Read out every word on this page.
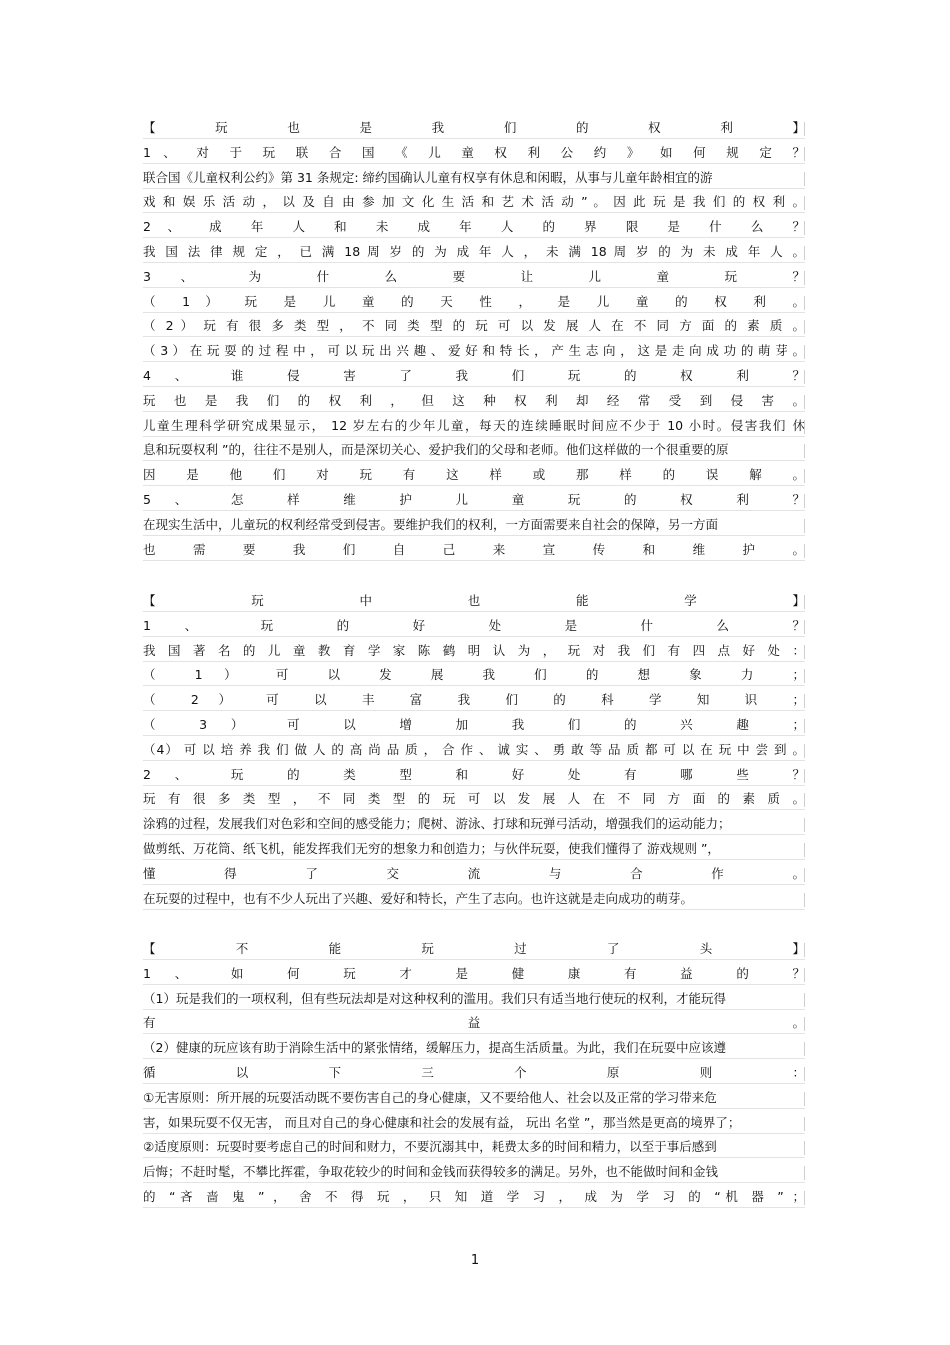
【 玩 也 是 我 们 的 权 利 】
1 、 对 于 玩 联 合 国 《 儿 童 权 利 公 约 》 如 何 规 定 ？
联合国《儿童权利公约》第 31 条规定: 缔约国确认儿童有权享有休息和闲暇，从事与儿童年龄相宜的游
戏 和 娱 乐 活 动 ， 以 及 自 由 参 加 文 化 生 活 和 艺 术 活 动 ” 。 因 此 玩 是 我 们 的 权 利 。
2 、 成 年 人 和 未 成 年 人 的 界 限 是 什 么 ？
我 国 法 律 规 定 ， 已 满 18 周 岁 的 为 成 年 人 ， 未 满 18 周 岁 的 为 未 成 年 人 。
3 、 为 什 么 要 让 儿 童 玩 ？
（ 1 ） 玩 是 儿 童 的 天 性 ， 是 儿 童 的 权 利 。
（ 2 ） 玩 有 很 多 类 型 ， 不 同 类 型 的 玩 可 以 发 展 人 在 不 同 方 面 的 素 质 。
（ 3 ） 在 玩 耍 的 过 程 中 ， 可 以 玩 出 兴 趣 、 爱 好 和 特 长 ， 产 生 志 向 ， 这 是 走 向 成 功 的 萌 芽 。
4 、 谁 侵 害 了 我 们 玩 的 权 利 ？
玩 也 是 我 们 的 权 利 ， 但 这 种 权 利 却 经 常 受 到 侵 害 。
儿童生理科学研究成果显示， 12 岁左右的少年儿童，每天的连续睡眠时间应不少于 10 小时。侵害我们 休
息和玩耍权利 ”的，往往不是别人，而是深切关心、爱护我们的父母和老师。他们这样做的一个很重要的原
因 是 他 们 对 玩 有 这 样 或 那 样 的 误 解 。
5 、 怎 样 维 护 儿 童 玩 的 权 利 ？
在现实生活中，儿童玩的权利经常受到侵害。要维护我们的权利，一方面需要来自社会的保障，另一方面
也 需 要 我 们 自 己 来 宣 传 和 维 护 。
【 玩 中 也 能 学 】
1 、 玩 的 好 处 是 什 么 ？
我 国 著 名 的 儿 童 教 育 学 家 陈 鹤 明 认 为 ， 玩 对 我 们 有 四 点 好 处 ：
（ 1 ） 可 以 发 展 我 们 的 想 象 力 ；
（ 2 ） 可 以 丰 富 我 们 的 科 学 知 识 ；
（ 3 ） 可 以 增 加 我 们 的 兴 趣 ；
（4） 可 以 培 养 我 们 做 人 的 高 尚 品 质 ， 合 作 、 诚 实 、 勇 敢 等 品 质 都 可 以 在 玩 中 尝 到 。
2 、 玩 的 类 型 和 好 处 有 哪 些 ？
玩 有 很 多 类 型 ， 不 同 类 型 的 玩 可 以 发 展 人 在 不 同 方 面 的 素 质 。
涂鸦的过程，发展我们对色彩和空间的感受能力；爬树、游泳、打球和玩弹弓活动，增强我们的运动能力；
做剪纸、万花筒、纸飞机，能发挥我们无穷的想象力和创造力；与伙伴玩耍，使我们懂得了 游戏规则 ”，
懂 得 了 交 流 与 合 作 。
在玩耍的过程中，也有不少人玩出了兴趣、爱好和特长，产生了志向。也许这就是走向成功的萌芽。
【 不 能 玩 过 了 头 】
1 、 如 何 玩 才 是 健 康 有 益 的 ？
（1）玩是我们的一项权利，但有些玩法却是对这种权利的滥用。我们只有适当地行使玩的权利，才能玩得
有 益 。
（2）健康的玩应该有助于消除生活中的紧张情绪，缓解压力，提高生活质量。为此，我们在玩耍中应该遵
循 以 下 三 个 原 则 ：
①无害原则：所开展的玩耍活动既不要伤害自己的身心健康，又不要给他人、社会以及正常的学习带来危
害，如果玩耍不仅无害， 而且对自己的身心健康和社会的发展有益， 玩出 名堂 ”，那当然是更高的境界了；
②适度原则：玩耍时要考虑自己的时间和财力，不要沉溺其中，耗费太多的时间和精力，以至于事后感到
后悔；不赶时髦，不攀比挥霍，争取花较少的时间和金钱而获得较多的满足。另外，也不能做时间和金钱
的 “吝 啬 鬼 ” ， 舍 不 得 玩 ， 只 知 道 学 习 ， 成 为 学 习 的 “机 器 ” ；
1
